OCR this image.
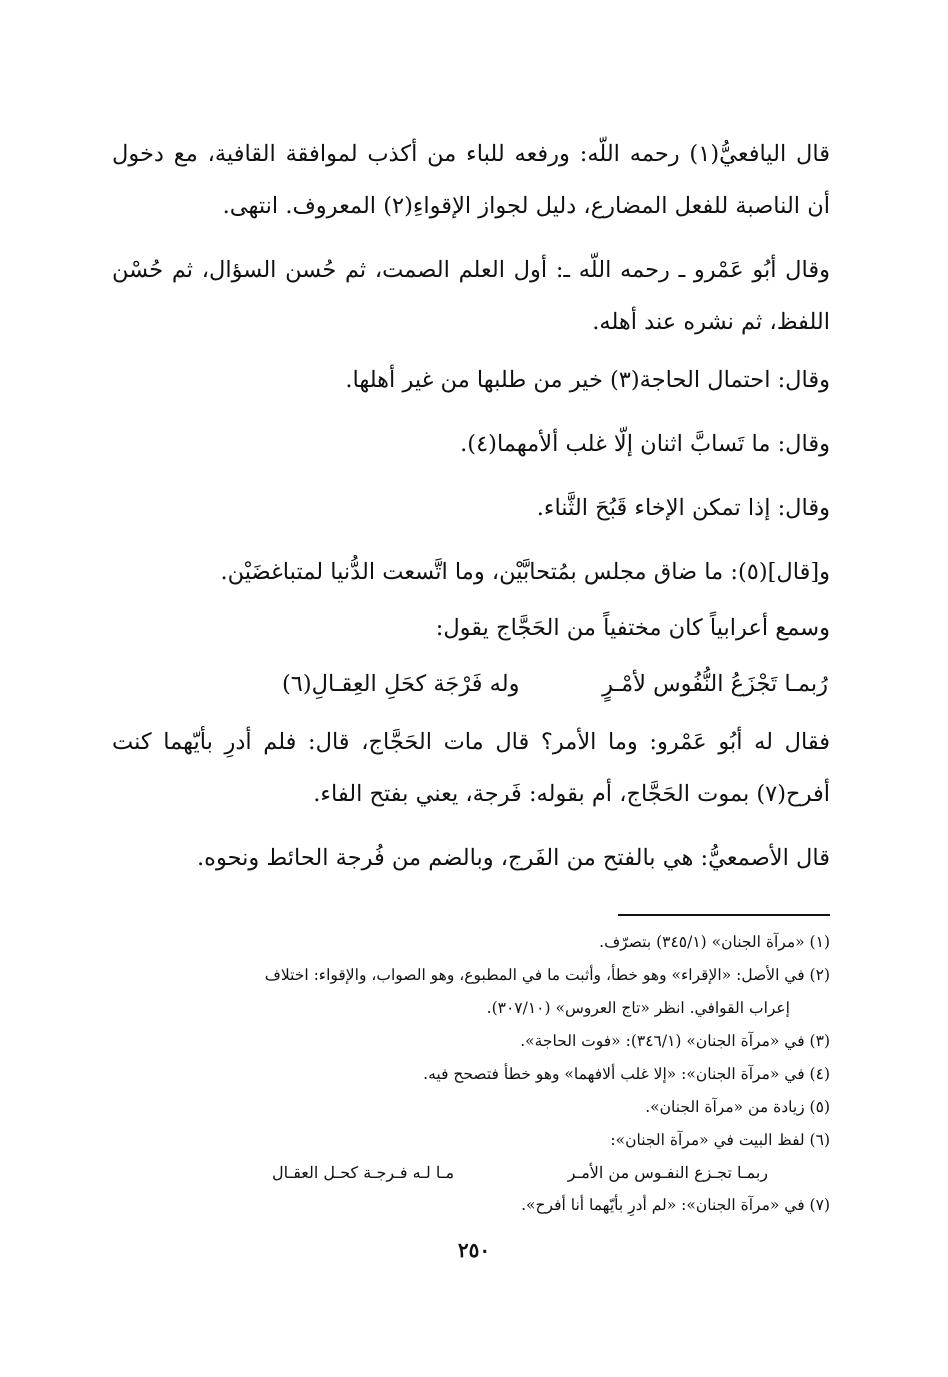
قال اليافعيُّ(١) رحمه اللّه: ورفعه للباء من أكذب لموافقة القافية، مع دخول أن الناصبة للفعل المضارع، دليل لجواز الإقواءِ(٢) المعروف. انتهى.

وقال أبُو عَمْرو ـ رحمه اللّه ـ: أول العلم الصمت، ثم حُسن السؤال، ثم حُسْن اللفظ، ثم نشره عند أهله.

وقال: احتمال الحاجة(٣) خير من طلبها من غير أهلها.

وقال: ما تَسابَّ اثنان إلّا غلب ألأمهما(٤).

وقال: إذا تمكن الإخاء قَبُحَ الثَّناء.

و[قال](٥): ما ضاق مجلس بمُتحابَّيْن، وما اتَّسعت الدُّنيا لمتباغضَيْن.

وسمع أعرابياً كان مختفياً من الحَجَّاج يقول:

رُبمـا تَجْزَعُ النُّفُوس لأمْـرٍ
وله فَرْجَة كحَلِ العِقـالِ(٦)

فقال له أبُو عَمْرو: وما الأمر؟ قال مات الحَجَّاج، قال: فلم أدرِ بأيّهما كنت أفرح(٧) بموت الحَجَّاج، أم بقوله: فَرجة، يعني بفتح الفاء.

قال الأصمعيُّ: هي بالفتح من الفَرج، وبالضم من فُرجة الحائط ونحوه.

(١) «مرآة الجنان» (٣٤٥/١) بتصرّف.

(٢) في الأصل: «الإقراء» وهو خطأ، وأثبت ما في المطبوع، وهو الصواب، والإقواء: اختلاف

إعراب القوافي. انظر «تاج العروس» (٣٠٧/١٠).

(٣) في «مرآة الجنان» (٣٤٦/١): «فوت الحاجة».

(٤) في «مرآة الجنان»: «إلا غلب ألافهما» وهو خطأ فتصحح فيه.

(٥) زيادة من «مرآة الجنان».

(٦) لفظ البيت في «مرآة الجنان»:

ربمـا تجـزع النفـوس من الأمـر
مـا لـه فـرجـة كحـل العقـال

(٧) في «مرآة الجنان»: «لم أدرِ بأيّهما أنا أفرح».

٢٥٠
